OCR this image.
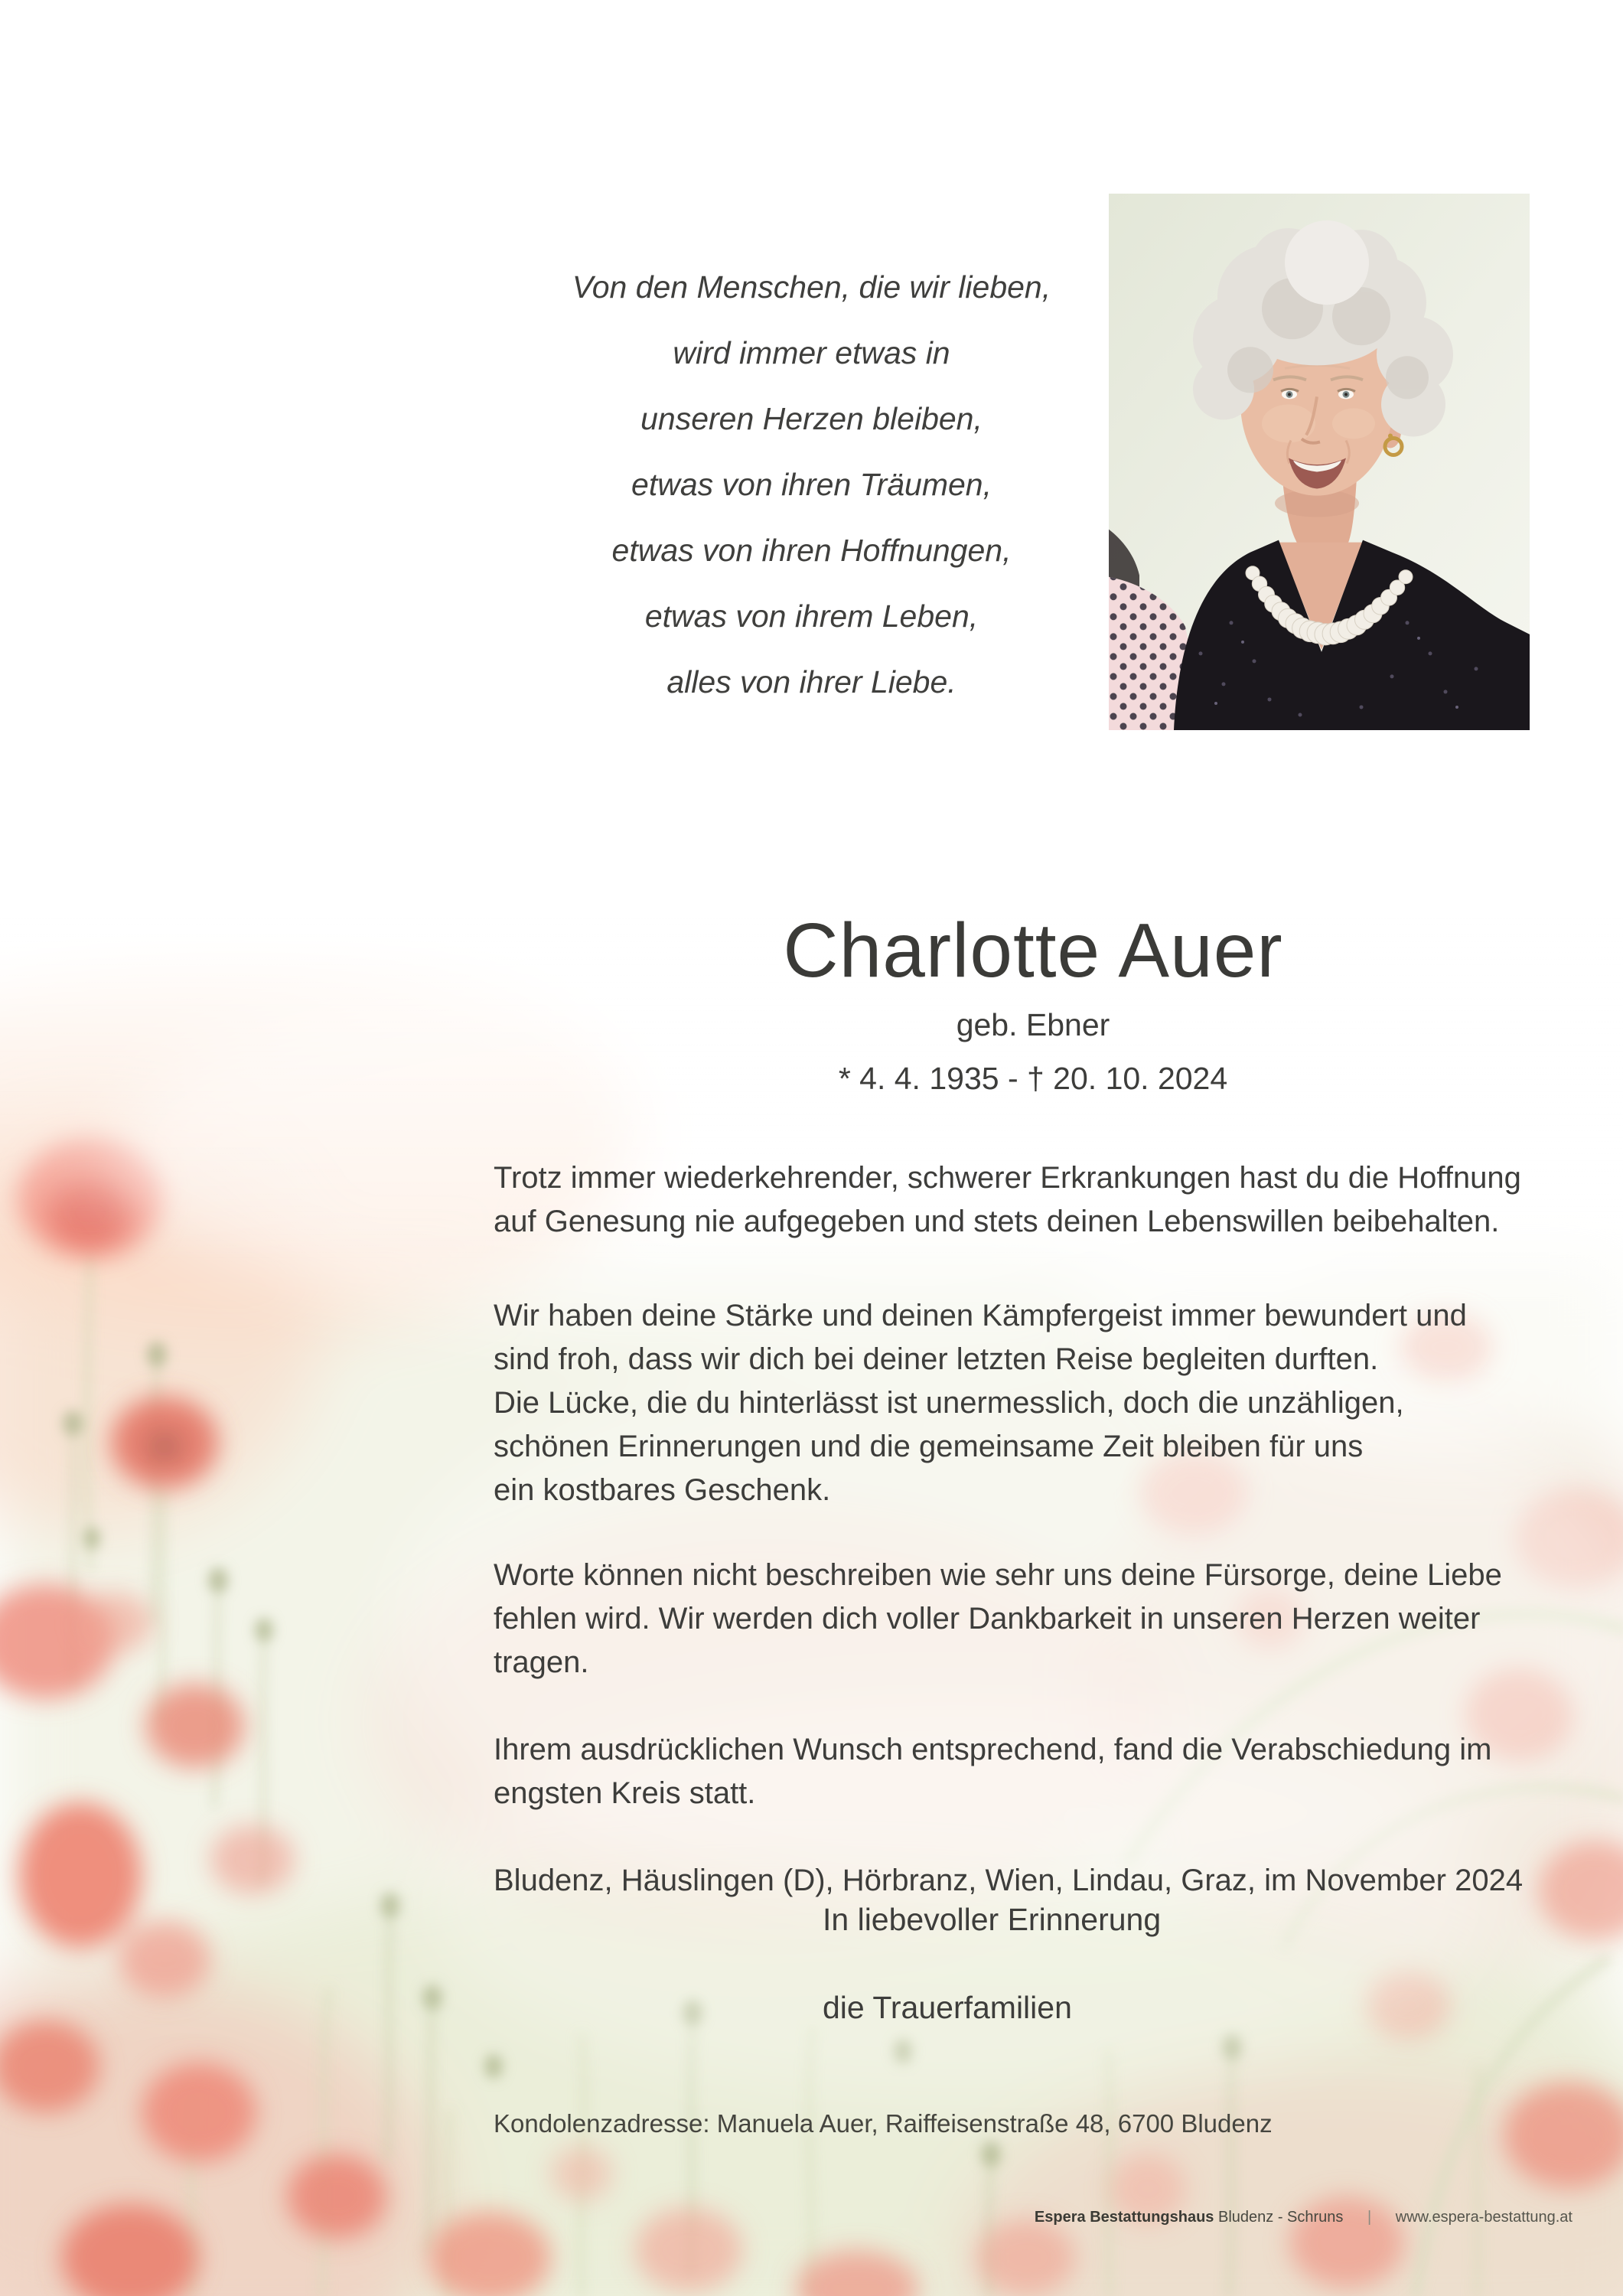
Von den Menschen, die wir lieben,
wird immer etwas in
unseren Herzen bleiben,
etwas von ihren Träumen,
etwas von ihren Hoffnungen,
etwas von ihrem Leben,
alles von ihrer Liebe.
Charlotte Auer
geb. Ebner
* 4. 4. 1935 - † 20. 10. 2024
Trotz immer wiederkehrender, schwerer Erkrankungen hast du die Hoffnung
auf Genesung nie aufgegeben und stets deinen Lebenswillen beibehalten.
Wir haben deine Stärke und deinen Kämpfergeist immer bewundert und
sind froh, dass wir dich bei deiner letzten Reise begleiten durften.
Die Lücke, die du hinterlässt ist unermesslich, doch die unzähligen,
schönen Erinnerungen und die gemeinsame Zeit bleiben für uns
ein kostbares Geschenk.
Worte können nicht beschreiben wie sehr uns deine Fürsorge, deine Liebe
fehlen wird. Wir werden dich voller Dankbarkeit in unseren Herzen weiter
tragen.
Ihrem ausdrücklichen Wunsch entsprechend, fand die Verabschiedung im
engsten Kreis statt.
Bludenz, Häuslingen (D), Hörbranz, Wien, Lindau, Graz, im November 2024
In liebevoller Erinnerung
die Trauerfamilien
Kondolenzadresse: Manuela Auer, Raiffeisenstraße 48, 6700 Bludenz
Espera Bestattungshaus Bludenz - Schruns | www.espera-bestattung.at
